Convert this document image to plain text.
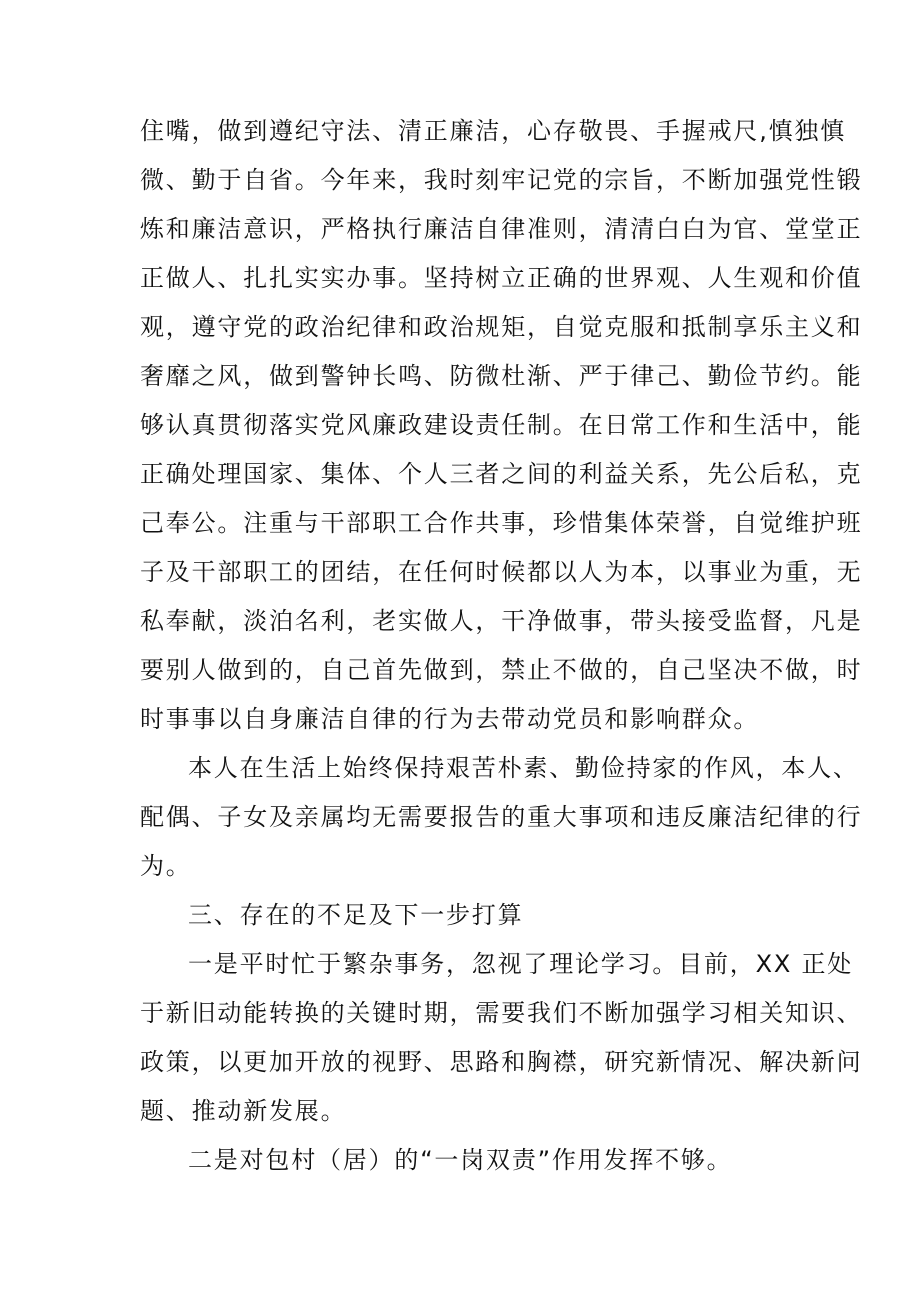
住嘴，做到遵纪守法、清正廉洁，心存敬畏、手握戒尺,慎独慎
微、勤于自省。今年来，我时刻牢记党的宗旨，不断加强党性锻
炼和廉洁意识，严格执行廉洁自律准则，清清白白为官、堂堂正
正做人、扎扎实实办事。坚持树立正确的世界观、人生观和价值
观，遵守党的政治纪律和政治规矩，自觉克服和抵制享乐主义和
奢靡之风，做到警钟长鸣、防微杜渐、严于律己、勤俭节约。能
够认真贯彻落实党风廉政建设责任制。在日常工作和生活中，能
正确处理国家、集体、个人三者之间的利益关系，先公后私，克
己奉公。注重与干部职工合作共事，珍惜集体荣誉，自觉维护班
子及干部职工的团结，在任何时候都以人为本，以事业为重，无
私奉献，淡泊名利，老实做人，干净做事，带头接受监督，凡是
要别人做到的，自己首先做到，禁止不做的，自己坚决不做，时
时事事以自身廉洁自律的行为去带动党员和影响群众。
本人在生活上始终保持艰苦朴素、勤俭持家的作风，本人、
配偶、子女及亲属均无需要报告的重大事项和违反廉洁纪律的行
为。
三、存在的不足及下一步打算
一是平时忙于繁杂事务，忽视了理论学习。目前，XX 正处
于新旧动能转换的关键时期，需要我们不断加强学习相关知识、
政策，以更加开放的视野、思路和胸襟，研究新情况、解决新问
题、推动新发展。
二是对包村（居）的“一岗双责”作用发挥不够。
